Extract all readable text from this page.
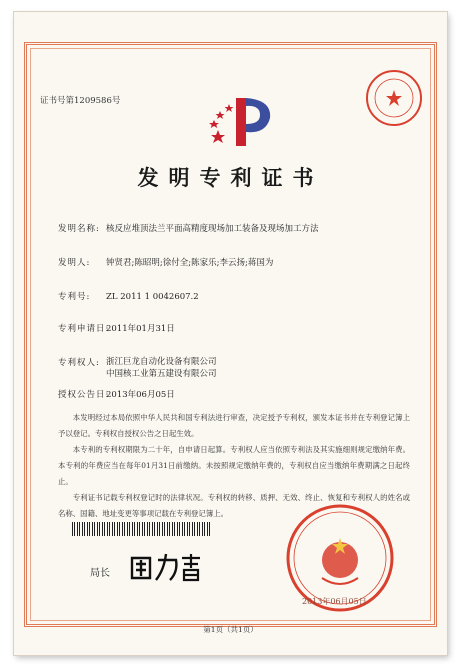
证书号第1209586号
发明专利证书
发明名称: 核反应堆顶法兰平面高精度现场加工装备及现场加工方法
发明人: 钟贤君;陈昭明;徐付全;陈家乐;李云扬;蒋国为
专利号: ZL 2011 1 0042607.2
专利申请日:2011年01月31日
专利权人: 浙江巨龙自动化设备有限公司
中国核工业第五建设有限公司
授权公告日:2013年06月05日
本发明经过本局依照中华人民共和国专利法进行审查，决定授予专利权，颁发本证书并在专利登记簿上予以登记。专利权自授权公告之日起生效。
本专利的专利权期限为二十年，自申请日起算。专利权人应当依照专利法及其实施细则规定缴纳年费。本专利的年费应当在每年01月31日前缴纳。未按照规定缴纳年费的，专利权自应当缴纳年费期满之日起终止。
专利证书记载专利权登记时的法律状况。专利权的转移、质押、无效、终止、恢复和专利权人的姓名或名称、国籍、地址变更等事项记载在专利登记簿上。
局长
2013年06月05日
第1页（共1页）
